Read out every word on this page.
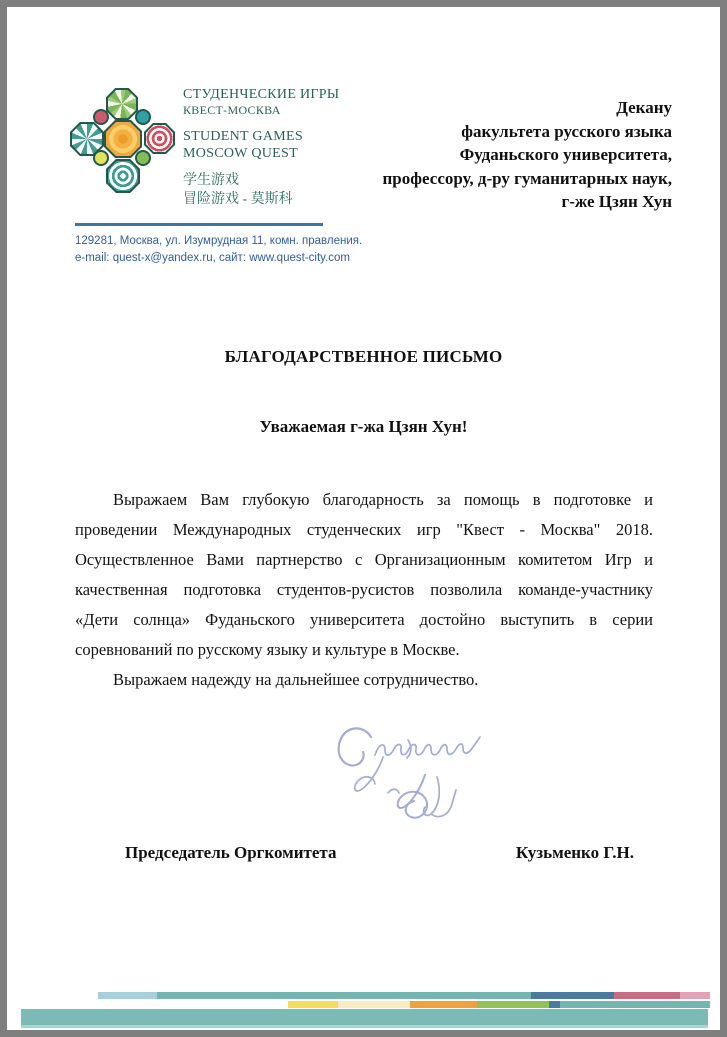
СТУДЕНЧЕСКИЕ ИГРЫ
КВЕСТ-МОСКВА
STUDENT GAMES
MOSCOW QUEST
学生游戏
冒险游戏 - 莫斯科
129281, Москва, ул. Изумрудная 11, комн. правления.
e-mail: quest-x@yandex.ru, сайт: www.quest-city.com
Декану
факультета русского языка
Фуданьского университета,
профессору, д-ру гуманитарных наук,
г-же Цзян Хун
БЛАГОДАРСТВЕННОЕ ПИСЬМО
Уважаемая г-жа Цзян Хун!

Выражаем Вам глубокую благодарность за помощь в подготовке и проведении Международных студенческих игр "Квест - Москва" 2018. Осуществленное Вами партнерство с Организационным комитетом Игр и качественная подготовка студентов-русистов позволила команде-участнику «Дети солнца» Фуданьского университета достойно выступить в серии соревнований по русскому языку и культуре в Москве.

Выражаем надежду на дальнейшее сотрудничество.

Председатель Оргкомитета	Кузьменко Г.Н.
